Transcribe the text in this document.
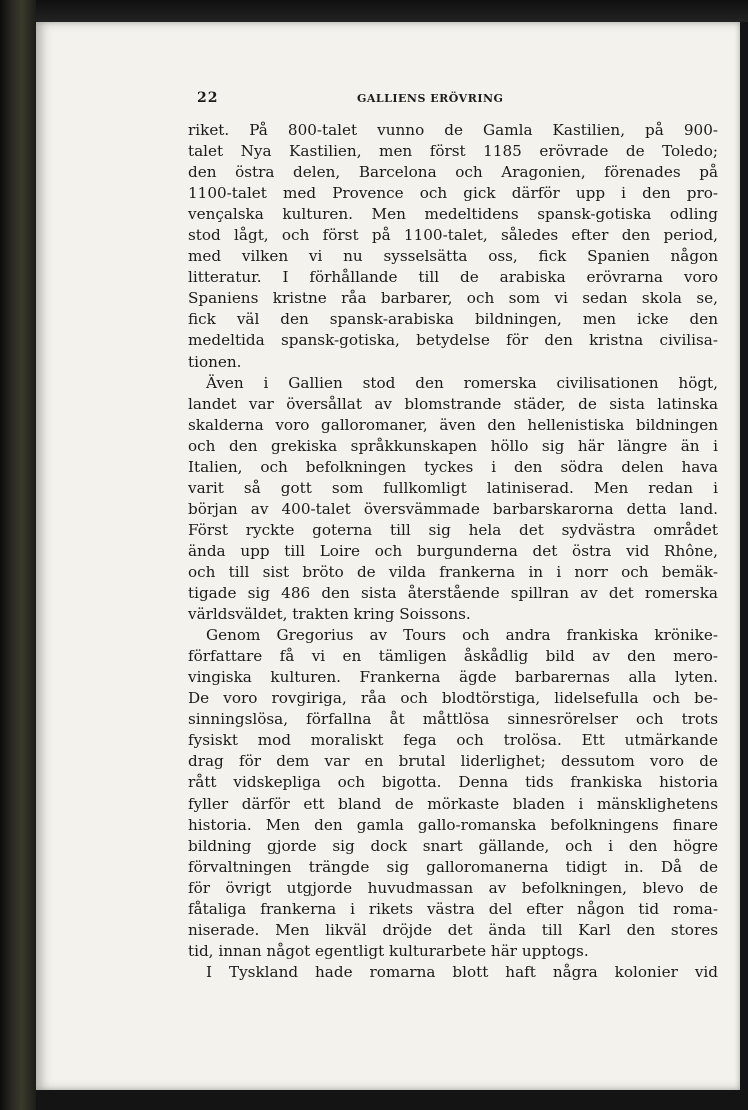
22	GALLIENS ERÖVRING
riket. På 800-talet vunno de Gamla Kastilien, på 900-
talet Nya Kastilien, men först 1185 erövrade de Toledo;
den östra delen, Barcelona och Aragonien, förenades på
1100-talet med Provence och gick därför upp i den pro-
vençalska kulturen. Men medeltidens spansk-gotiska odling
stod lågt, och först på 1100-talet, således efter den period,
med vilken vi nu sysselsätta oss, fick Spanien någon
litteratur. I förhållande till de arabiska erövrarna voro
Spaniens kristne råa barbarer, och som vi sedan skola se,
fick väl den spansk-arabiska bildningen, men icke den
medeltida spansk-gotiska, betydelse för den kristna civilisa-
tionen.
Även i Gallien stod den romerska civilisationen högt,
landet var översållat av blomstrande städer, de sista latinska
skalderna voro galloromaner, även den hellenistiska bildningen
och den grekiska språkkunskapen höllo sig här längre än i
Italien, och befolkningen tyckes i den södra delen hava
varit så gott som fullkomligt latiniserad. Men redan i
början av 400-talet översvämmade barbarskarorna detta land.
Först ryckte goterna till sig hela det sydvästra området
ända upp till Loire och burgunderna det östra vid Rhône,
och till sist bröto de vilda frankerna in i norr och bemäk-
tigade sig 486 den sista återstående spillran av det romerska
världsväldet, trakten kring Soissons.
Genom Gregorius av Tours och andra frankiska krönike-
författare få vi en tämligen åskådlig bild av den mero-
vingiska kulturen. Frankerna ägde barbarernas alla lyten.
De voro rovgiriga, råa och blodtörstiga, lidelsefulla och be-
sinningslösa, förfallna åt måttlösa sinnesrörelser och trots
fysiskt mod moraliskt fega och trolösa. Ett utmärkande
drag för dem var en brutal liderlighet; dessutom voro de
rått vidskepliga och bigotta. Denna tids frankiska historia
fyller därför ett bland de mörkaste bladen i mänsklighetens
historia. Men den gamla gallo-romanska befolkningens finare
bildning gjorde sig dock snart gällande, och i den högre
förvaltningen trängde sig galloromanerna tidigt in. Då de
för övrigt utgjorde huvudmassan av befolkningen, blevo de
fåtaliga frankerna i rikets västra del efter någon tid roma-
niserade. Men likväl dröjde det ända till Karl den stores
tid, innan något egentligt kulturarbete här upptogs.
I Tyskland hade romarna blott haft några kolonier vid
